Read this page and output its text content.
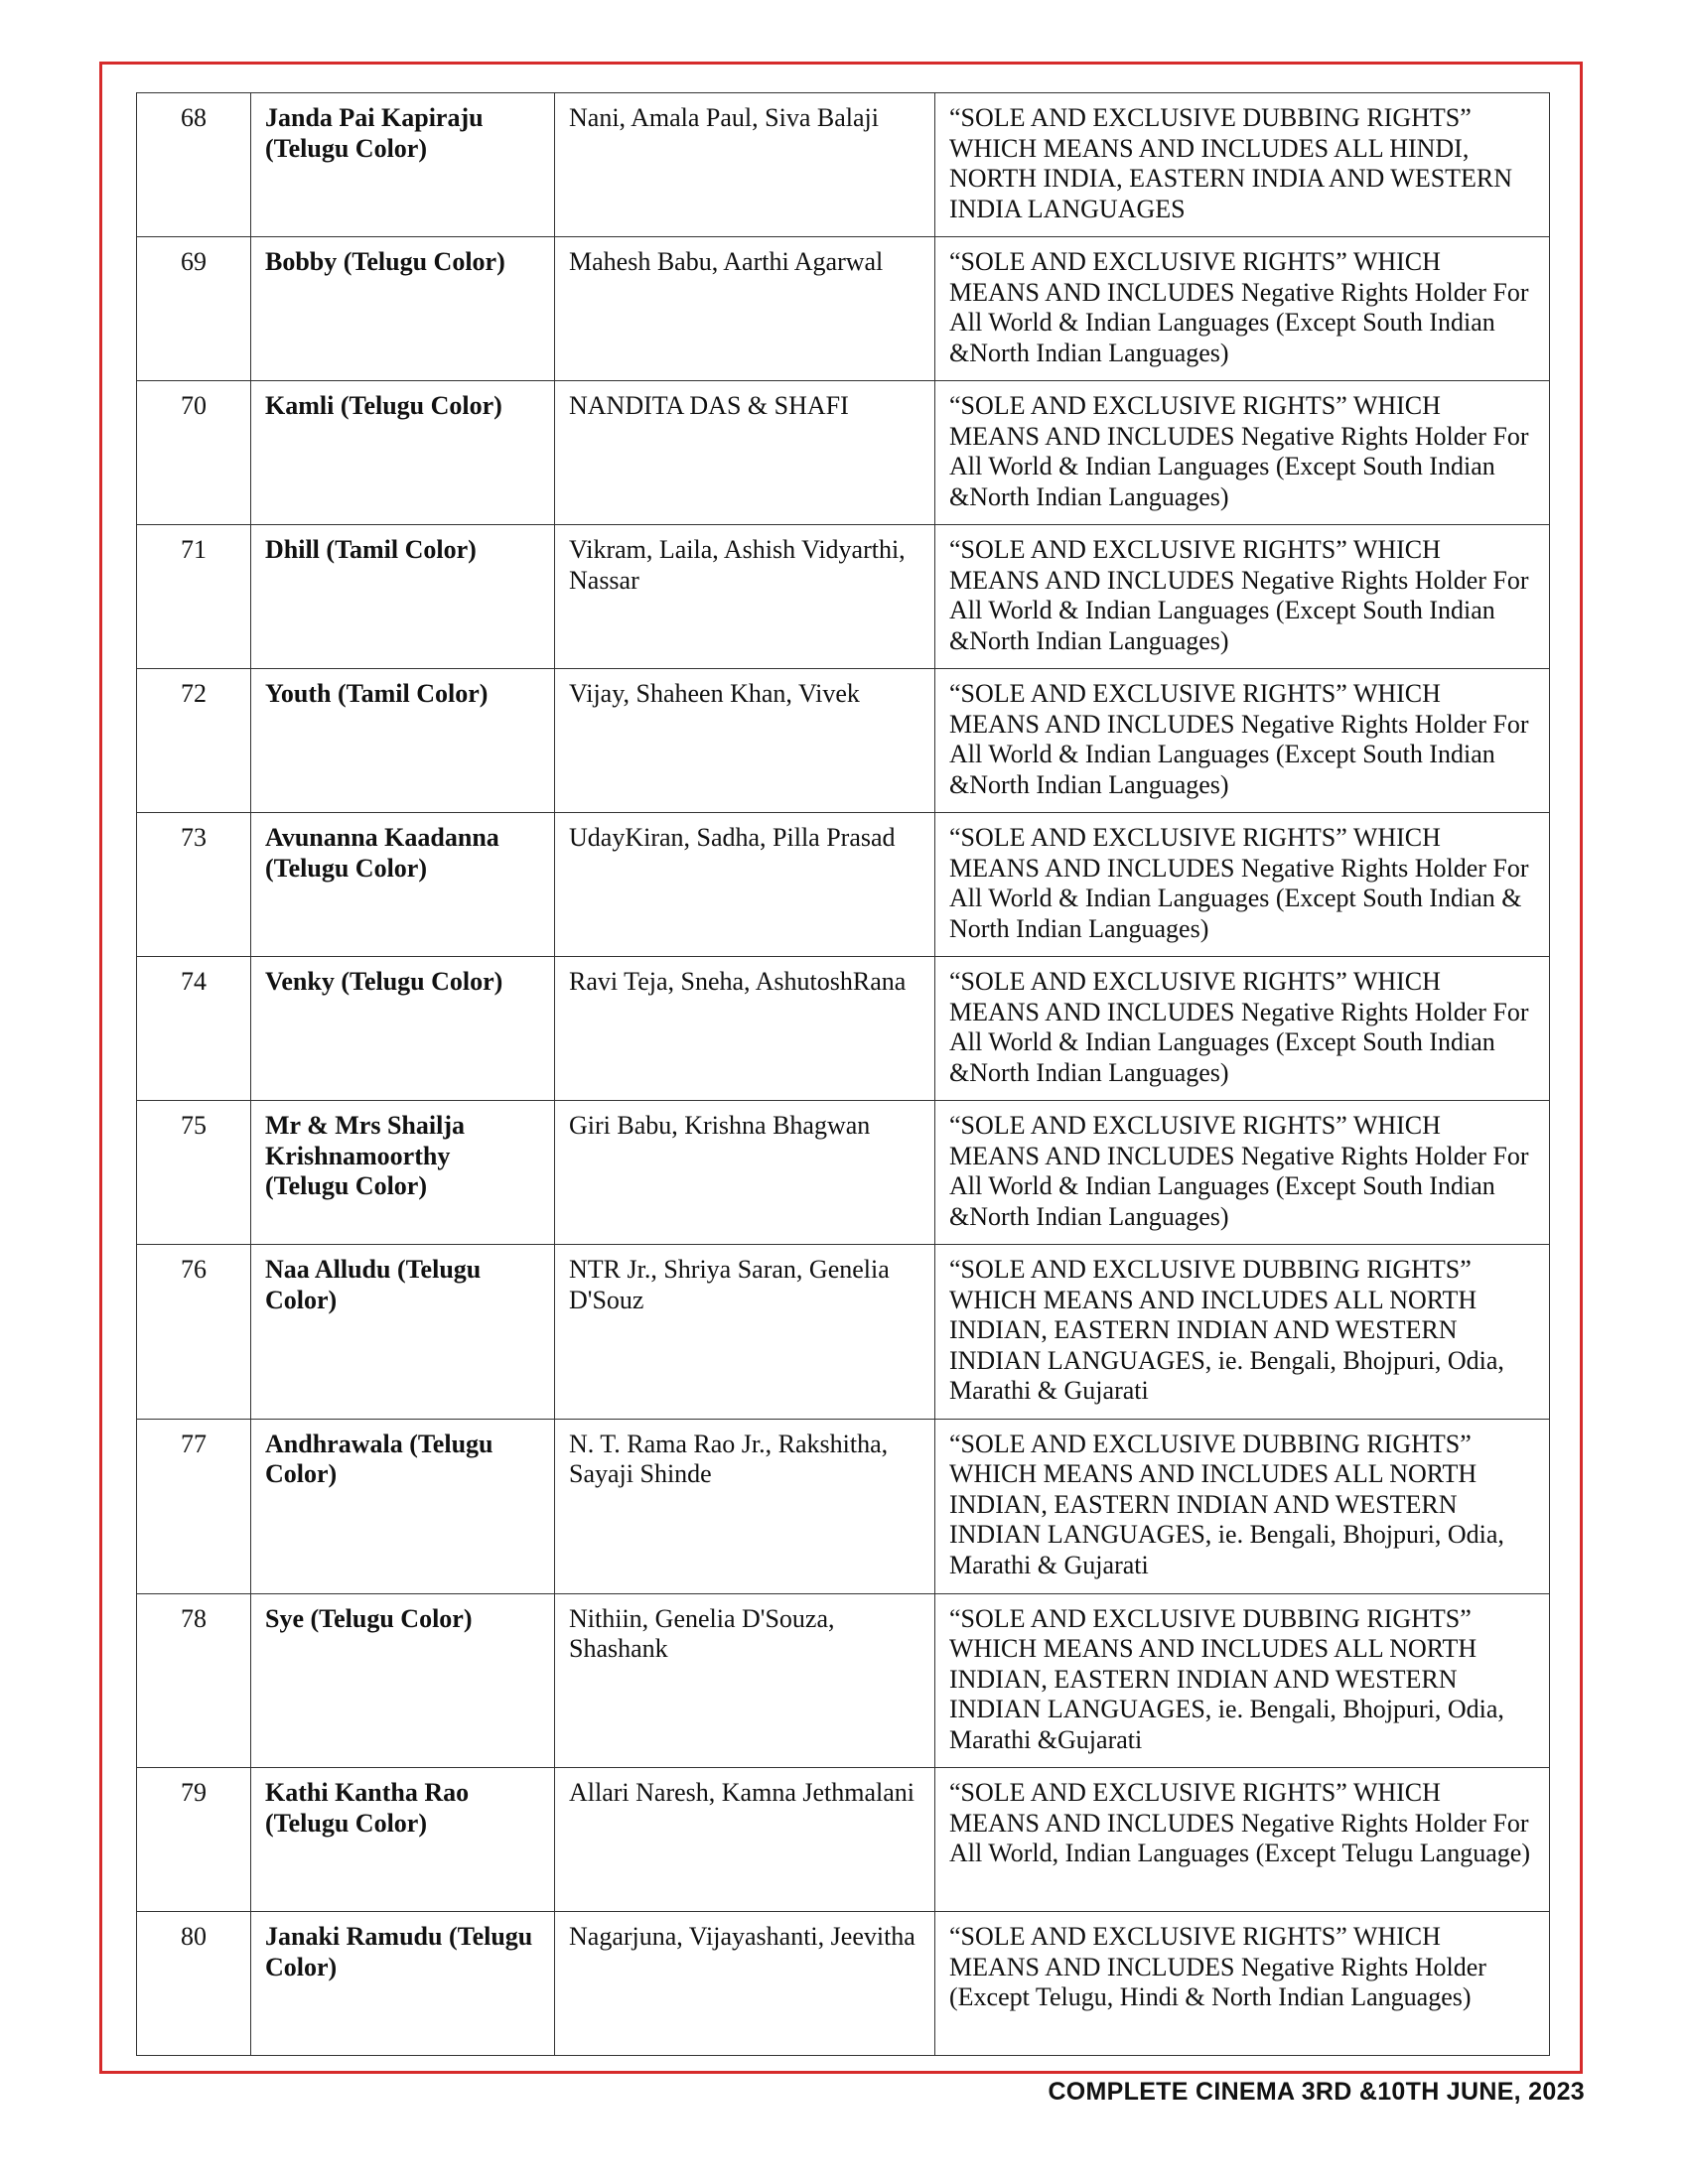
68	Janda Pai Kapiraju (Telugu Color)	Nani, Amala Paul, Siva Balaji	“SOLE AND EXCLUSIVE DUBBING RIGHTS” WHICH MEANS AND INCLUDES ALL HINDI, NORTH INDIA, EASTERN INDIA AND WESTERN INDIA LANGUAGES
69	Bobby (Telugu Color)	Mahesh Babu, Aarthi Agarwal	“SOLE AND EXCLUSIVE RIGHTS” WHICH MEANS AND INCLUDES Negative Rights Holder For All World & Indian Languages (Except South Indian &North Indian Languages)
70	Kamli (Telugu Color)	NANDITA DAS & SHAFI	“SOLE AND EXCLUSIVE RIGHTS” WHICH MEANS AND INCLUDES Negative Rights Holder For All World & Indian Languages (Except South Indian &North Indian Languages)
71	Dhill (Tamil Color)	Vikram, Laila, Ashish Vidyarthi, Nassar	“SOLE AND EXCLUSIVE RIGHTS” WHICH MEANS AND INCLUDES Negative Rights Holder For All World & Indian Languages (Except South Indian &North Indian Languages)
72	Youth (Tamil Color)	Vijay, Shaheen Khan, Vivek	“SOLE AND EXCLUSIVE RIGHTS” WHICH MEANS AND INCLUDES Negative Rights Holder For All World & Indian Languages (Except South Indian &North Indian Languages)
73	Avunanna Kaadanna (Telugu Color)	UdayKiran, Sadha, Pilla Prasad	“SOLE AND EXCLUSIVE RIGHTS” WHICH MEANS AND INCLUDES Negative Rights Holder For All World & Indian Languages (Except South Indian & North Indian Languages)
74	Venky (Telugu Color)	Ravi Teja, Sneha, AshutoshRana	“SOLE AND EXCLUSIVE RIGHTS” WHICH MEANS AND INCLUDES Negative Rights Holder For All World & Indian Languages (Except South Indian &North Indian Languages)
75	Mr & Mrs Shailja Krishnamoorthy (Telugu Color)	Giri Babu, Krishna Bhagwan	“SOLE AND EXCLUSIVE RIGHTS” WHICH MEANS AND INCLUDES Negative Rights Holder For All World & Indian Languages (Except South Indian &North Indian Languages)
76	Naa Alludu (Telugu Color)	NTR Jr., Shriya Saran, Genelia D'Souz	“SOLE AND EXCLUSIVE DUBBING RIGHTS” WHICH MEANS AND INCLUDES ALL NORTH INDIAN, EASTERN INDIAN AND WESTERN INDIAN LANGUAGES, ie. Bengali, Bhojpuri, Odia, Marathi & Gujarati
77	Andhrawala (Telugu Color)	N. T. Rama Rao Jr., Rakshitha, Sayaji Shinde	“SOLE AND EXCLUSIVE DUBBING RIGHTS” WHICH MEANS AND INCLUDES ALL NORTH INDIAN, EASTERN INDIAN AND WESTERN INDIAN LANGUAGES, ie. Bengali, Bhojpuri, Odia, Marathi & Gujarati
78	Sye (Telugu Color)	Nithiin, Genelia D'Souza, Shashank	“SOLE AND EXCLUSIVE DUBBING RIGHTS” WHICH MEANS AND INCLUDES ALL NORTH INDIAN, EASTERN INDIAN AND WESTERN INDIAN LANGUAGES, ie. Bengali, Bhojpuri, Odia, Marathi &Gujarati
79	Kathi Kantha Rao (Telugu Color)	Allari Naresh, Kamna Jethmalani	“SOLE AND EXCLUSIVE RIGHTS” WHICH MEANS AND INCLUDES Negative Rights Holder For All World, Indian Languages (Except Telugu Language)
80	Janaki Ramudu (Telugu Color)	Nagarjuna, Vijayashanti, Jeevitha	“SOLE AND EXCLUSIVE RIGHTS” WHICH MEANS AND INCLUDES Negative Rights Holder (Except Telugu, Hindi & North Indian Languages)
COMPLETE CINEMA 3RD &10TH JUNE, 2023
